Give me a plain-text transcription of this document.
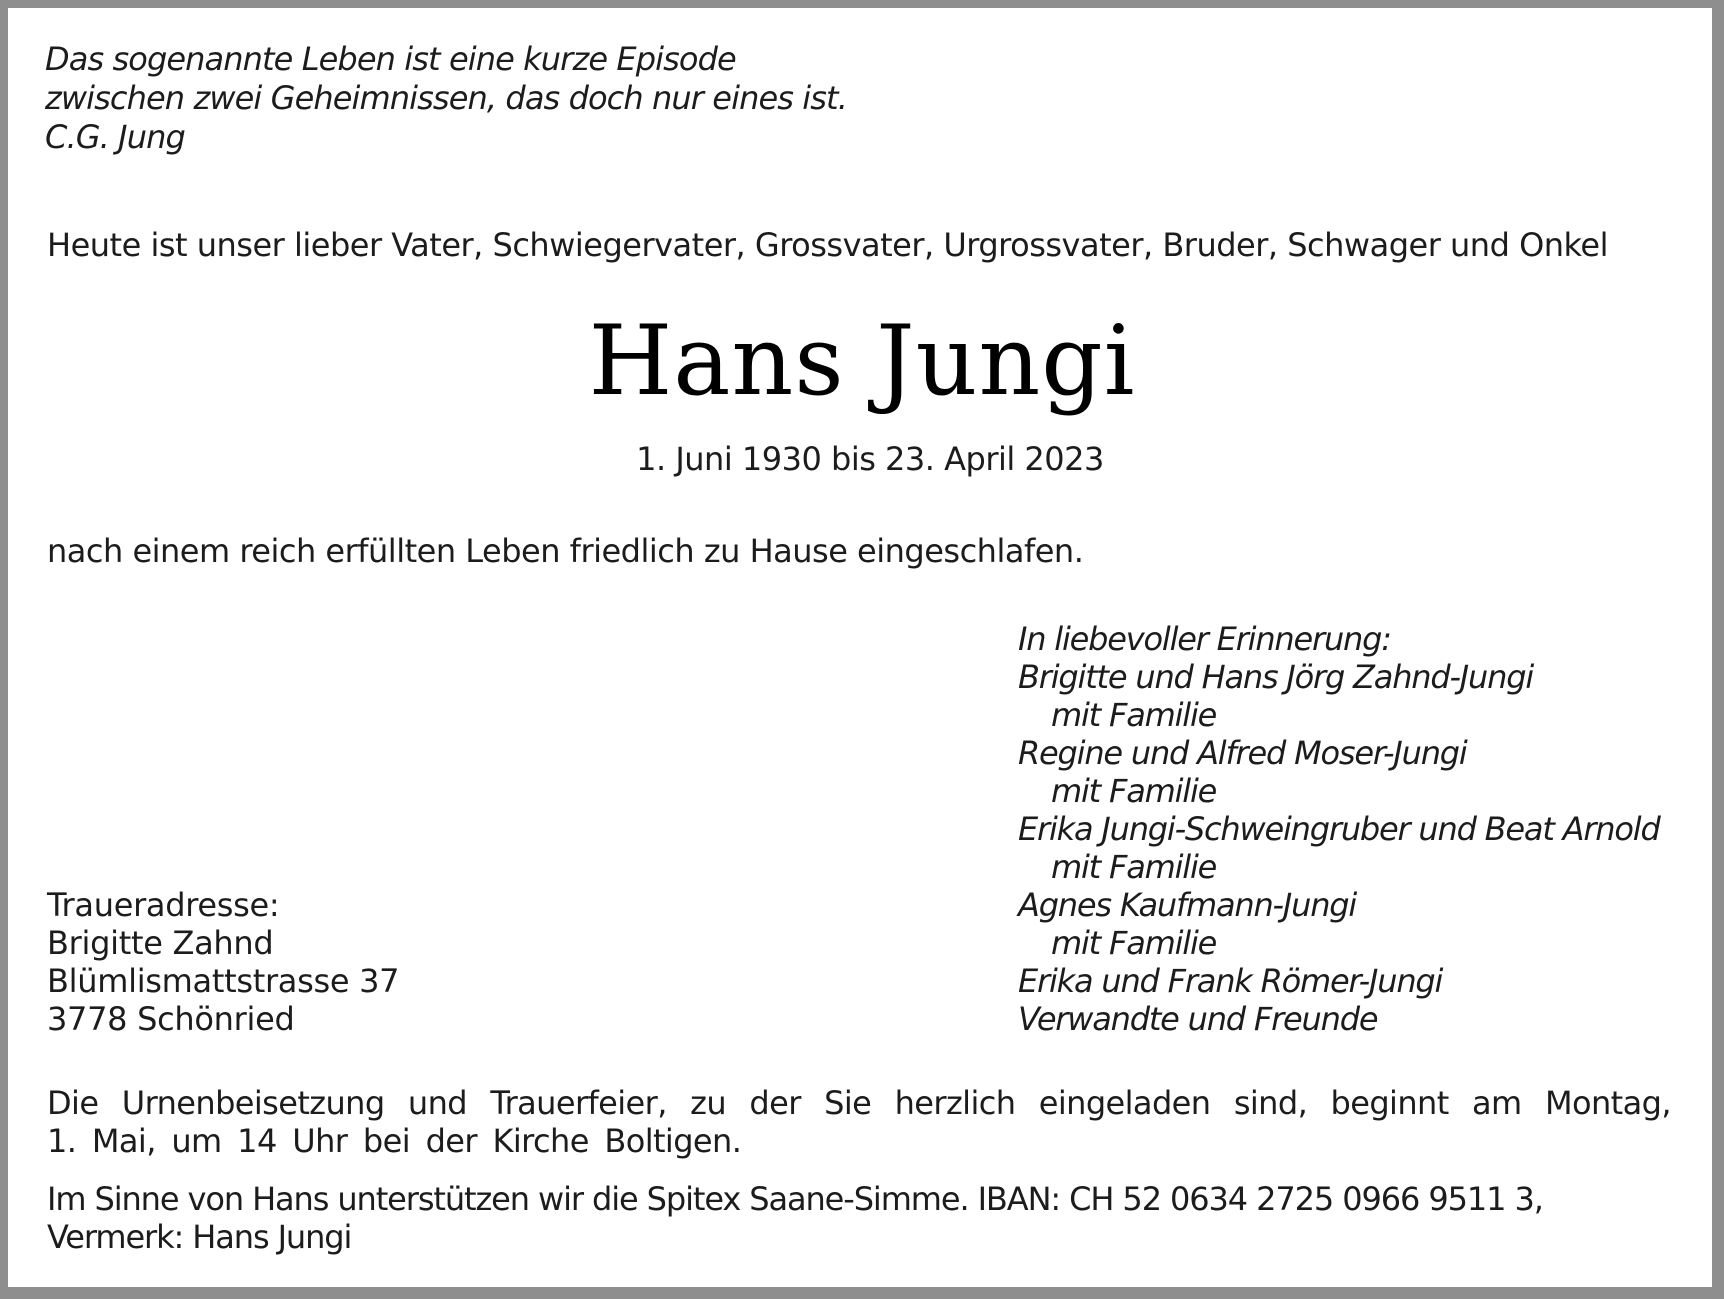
Das sogenannte Leben ist eine kurze Episode
zwischen zwei Geheimnissen, das doch nur eines ist.
C.G. Jung
Heute ist unser lieber Vater, Schwiegervater, Grossvater, Urgrossvater, Bruder, Schwager und Onkel
1. Juni 1930 bis 23. April 2023
nach einem reich erfüllten Leben friedlich zu Hause eingeschlafen.
In liebevoller Erinnerung:
Brigitte und Hans Jörg Zahnd-Jungi
mit Familie
Regine und Alfred Moser-Jungi
mit Familie
Erika Jungi-Schweingruber und Beat Arnold
mit Familie
Agnes Kaufmann-Jungi
mit Familie
Erika und Frank Römer-Jungi
Verwandte und Freunde
Traueradresse:
Brigitte Zahnd
Blümlismattstrasse 37
3778 Schönried
Die Urnenbeisetzung und Trauerfeier, zu der Sie herzlich eingeladen sind, beginnt am Montag,
1. Mai, um 14 Uhr bei der Kirche Boltigen.
Im Sinne von Hans unterstützen wir die Spitex Saane-Simme. IBAN: CH 52 0634 2725 0966 9511 3,
Vermerk: Hans Jungi
Hans Jungi
